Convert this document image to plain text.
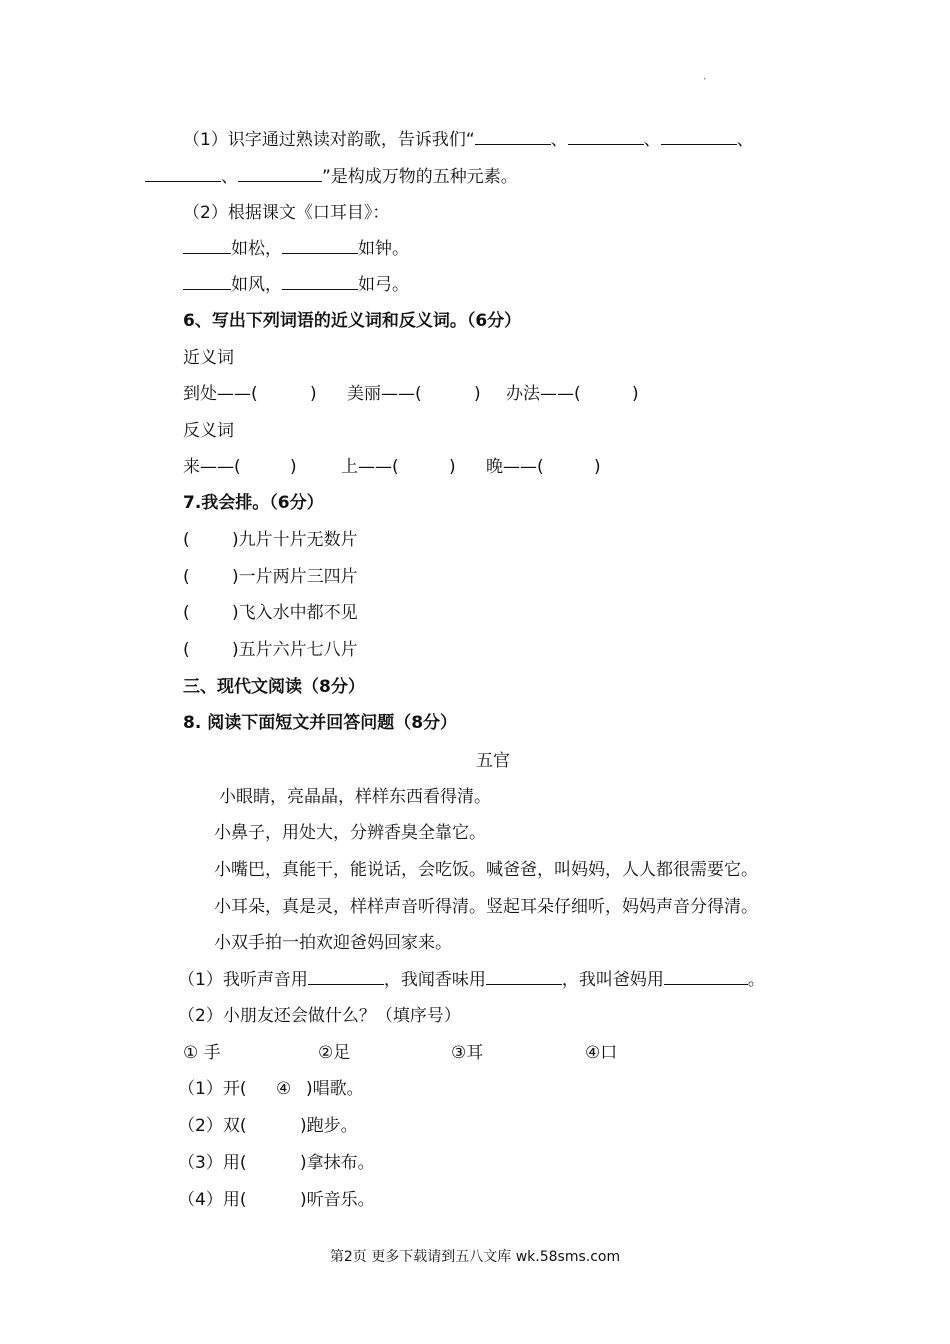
•
（1）识字通过熟读对韵歌，告诉我们“	、	、	、
、	”是构成万物的五种元素。
（2）根据课文《口耳目》：
如松，	如钟。
如风，	如弓。
6、写出下列词语的近义词和反义词。（6分）
近义词
到处——(	) 美丽——(	) 办法——(	)
反义词
来——(	)	上——(	) 晚——(	)
7.我会排。（6分）
( )九片十片无数片
( )一片两片三四片
( )飞入水中都不见
( )五片六片七八片
三、现代文阅读（8分）
8. 阅读下面短文并回答问题（8分）
五官
小眼睛，亮晶晶，样样东西看得清。
小鼻子，用处大，分辨香臭全靠它。
小嘴巴，真能干，能说话，会吃饭。喊爸爸，叫妈妈，人人都很需要它。
小耳朵，真是灵，样样声音听得清。竖起耳朵仔细听，妈妈声音分得清。
小双手拍一拍欢迎爸妈回家来。
（1）我听声音用	，我闻香味用	，我叫爸妈用	。
（2）小朋友还会做什么？（填序号）
① 手	②足	③耳	④口
（1）开( ④ )唱歌。
（2）双(	)跑步。
（3）用(	)拿抹布。
（4）用(	)听音乐。
第2页 更多下载请到五八文库 wk.58sms.com
